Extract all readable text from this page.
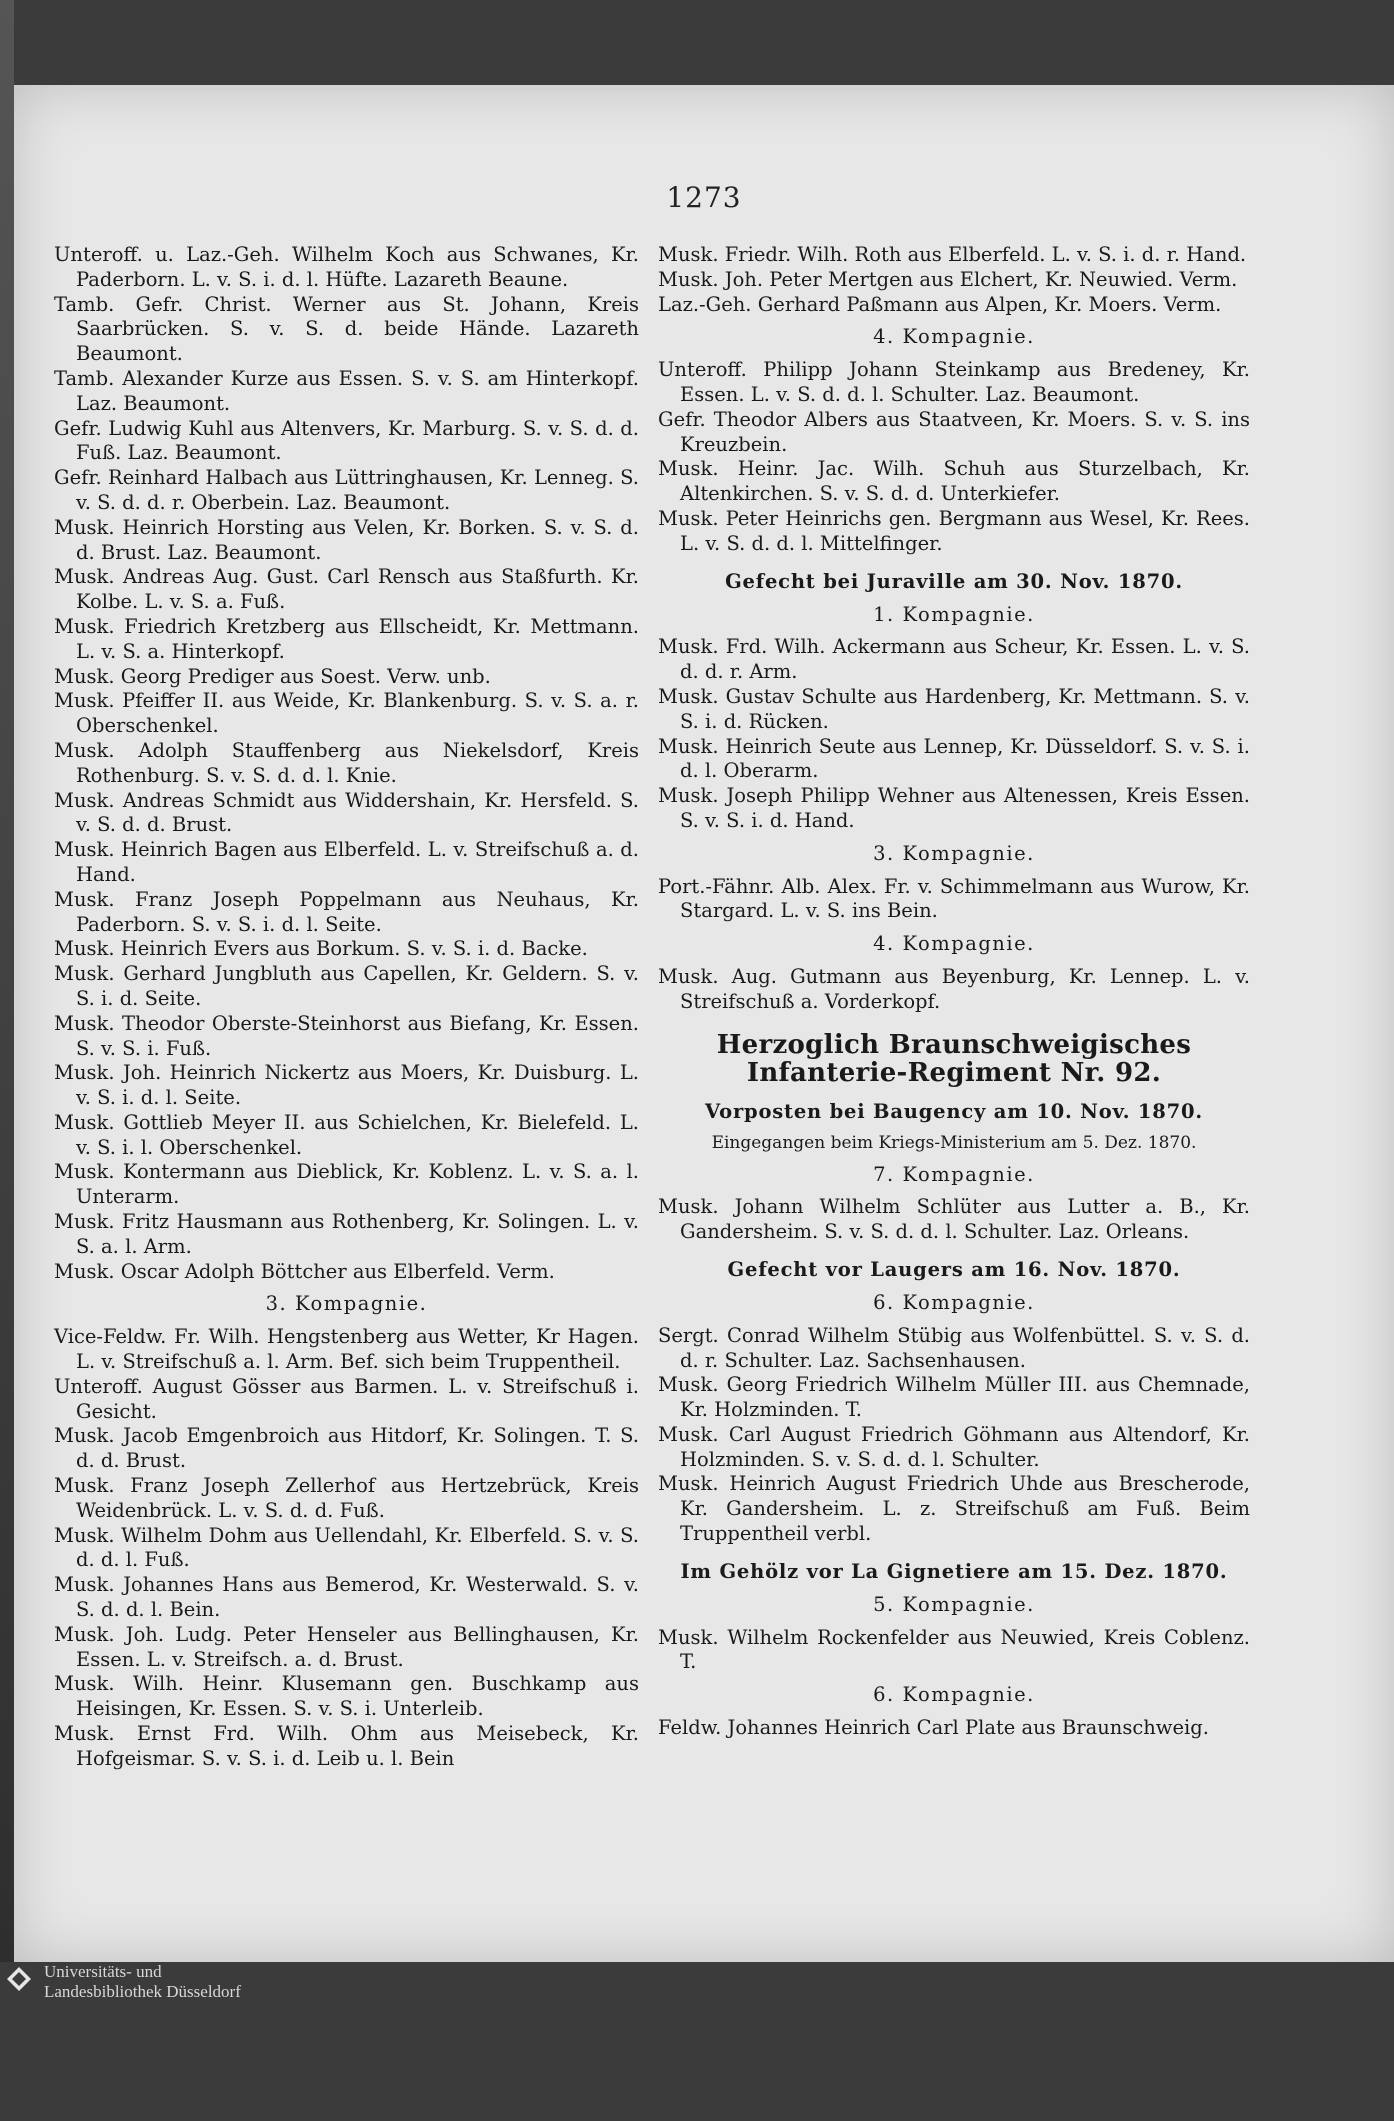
1273
Unteroff. u. Laz.-Geh. Wilhelm Koch aus Schwanes, Kr. Paderborn. L. v. S. i. d. l. Hüfte. Lazareth Beaune.
Tamb. Gefr. Christ. Werner aus St. Johann, Kreis Saarbrücken. S. v. S. d. beide Hände. Lazareth Beaumont.
Tamb. Alexander Kurze aus Essen. S. v. S. am Hinterkopf. Laz. Beaumont.
Gefr. Ludwig Kuhl aus Altenvers, Kr. Marburg. S. v. S. d. d. Fuß. Laz. Beaumont.
Gefr. Reinhard Halbach aus Lüttringhausen, Kr. Lenneg. S. v. S. d. d. r. Oberbein. Laz. Beaumont.
Musk. Heinrich Horsting aus Velen, Kr. Borken. S. v. S. d. d. Brust. Laz. Beaumont.
Musk. Andreas Aug. Gust. Carl Rensch aus Staßfurth. Kr. Kolbe. L. v. S. a. Fuß.
Musk. Friedrich Kretzberg aus Ellscheidt, Kr. Mettmann. L. v. S. a. Hinterkopf.
Musk. Georg Prediger aus Soest. Verw. unb.
Musk. Pfeiffer II. aus Weide, Kr. Blankenburg. S. v. S. a. r. Oberschenkel.
Musk. Adolph Stauffenberg aus Niekelsdorf, Kreis Rothenburg. S. v. S. d. d. l. Knie.
Musk. Andreas Schmidt aus Widdershain, Kr. Hersfeld. S. v. S. d. d. Brust.
Musk. Heinrich Bagen aus Elberfeld. L. v. Streifschuß a. d. Hand.
Musk. Franz Joseph Poppelmann aus Neuhaus, Kr. Paderborn. S. v. S. i. d. l. Seite.
Musk. Heinrich Evers aus Borkum. S. v. S. i. d. Backe.
Musk. Gerhard Jungbluth aus Capellen, Kr. Geldern. S. v. S. i. d. Seite.
Musk. Theodor Oberste-Steinhorst aus Biefang, Kr. Essen. S. v. S. i. Fuß.
Musk. Joh. Heinrich Nickertz aus Moers, Kr. Duisburg. L. v. S. i. d. l. Seite.
Musk. Gottlieb Meyer II. aus Schielchen, Kr. Bielefeld. L. v. S. i. l. Oberschenkel.
Musk. Kontermann aus Dieblick, Kr. Koblenz. L. v. S. a. l. Unterarm.
Musk. Fritz Hausmann aus Rothenberg, Kr. Solingen. L. v. S. a. l. Arm.
Musk. Oscar Adolph Böttcher aus Elberfeld. Verm.
3. Kompagnie.
Vice-Feldw. Fr. Wilh. Hengstenberg aus Wetter, Kr Hagen. L. v. Streifschuß a. l. Arm. Bef. sich beim Truppentheil.
Unteroff. August Gösser aus Barmen. L. v. Streifschuß i. Gesicht.
Musk. Jacob Emgenbroich aus Hitdorf, Kr. Solingen. T. S. d. d. Brust.
Musk. Franz Joseph Zellerhof aus Hertzebrück, Kreis Weidenbrück. L. v. S. d. d. Fuß.
Musk. Wilhelm Dohm aus Uellendahl, Kr. Elberfeld. S. v. S. d. d. l. Fuß.
Musk. Johannes Hans aus Bemerod, Kr. Westerwald. S. v. S. d. d. l. Bein.
Musk. Joh. Ludg. Peter Henseler aus Bellinghausen, Kr. Essen. L. v. Streifsch. a. d. Brust.
Musk. Wilh. Heinr. Klusemann gen. Buschkamp aus Heisingen, Kr. Essen. S. v. S. i. Unterleib.
Musk. Ernst Frd. Wilh. Ohm aus Meisebeck, Kr. Hofgeismar. S. v. S. i. d. Leib u. l. Bein
Musk. Friedr. Wilh. Roth aus Elberfeld. L. v. S. i. d. r. Hand.
Musk. Joh. Peter Mertgen aus Elchert, Kr. Neuwied. Verm.
Laz.-Geh. Gerhard Paßmann aus Alpen, Kr. Moers. Verm.
4. Kompagnie.
Unteroff. Philipp Johann Steinkamp aus Bredeney, Kr. Essen. L. v. S. d. d. l. Schulter. Laz. Beaumont.
Gefr. Theodor Albers aus Staatveen, Kr. Moers. S. v. S. ins Kreuzbein.
Musk. Heinr. Jac. Wilh. Schuh aus Sturzelbach, Kr. Altenkirchen. S. v. S. d. d. Unterkiefer.
Musk. Peter Heinrichs gen. Bergmann aus Wesel, Kr. Rees. L. v. S. d. d. l. Mittelfinger.
Gefecht bei Juraville am 30. Nov. 1870.
1. Kompagnie.
Musk. Frd. Wilh. Ackermann aus Scheur, Kr. Essen. L. v. S. d. d. r. Arm.
Musk. Gustav Schulte aus Hardenberg, Kr. Mettmann. S. v. S. i. d. Rücken.
Musk. Heinrich Seute aus Lennep, Kr. Düsseldorf. S. v. S. i. d. l. Oberarm.
Musk. Joseph Philipp Wehner aus Altenessen, Kreis Essen. S. v. S. i. d. Hand.
3. Kompagnie.
Port.-Fähnr. Alb. Alex. Fr. v. Schimmelmann aus Wurow, Kr. Stargard. L. v. S. ins Bein.
4. Kompagnie.
Musk. Aug. Gutmann aus Beyenburg, Kr. Lennep. L. v. Streifschuß a. Vorderkopf.
Herzoglich Braunschweigisches Infanterie-Regiment Nr. 92.
Vorposten bei Baugency am 10. Nov. 1870.
Eingegangen beim Kriegs-Ministerium am 5. Dez. 1870.
7. Kompagnie.
Musk. Johann Wilhelm Schlüter aus Lutter a. B., Kr. Gandersheim. S. v. S. d. d. l. Schulter. Laz. Orleans.
Gefecht vor Laugers am 16. Nov. 1870.
6. Kompagnie.
Sergt. Conrad Wilhelm Stübig aus Wolfenbüttel. S. v. S. d. d. r. Schulter. Laz. Sachsenhausen.
Musk. Georg Friedrich Wilhelm Müller III. aus Chemnade, Kr. Holzminden. T.
Musk. Carl August Friedrich Göhmann aus Altendorf, Kr. Holzminden. S. v. S. d. d. l. Schulter.
Musk. Heinrich August Friedrich Uhde aus Brescherode, Kr. Gandersheim. L. z. Streifschuß am Fuß. Beim Truppentheil verbl.
Im Gehölz vor La Gignetiere am 15. Dez. 1870.
5. Kompagnie.
Musk. Wilhelm Rockenfelder aus Neuwied, Kreis Coblenz. T.
6. Kompagnie.
Feldw. Johannes Heinrich Carl Plate aus Braunschweig.
Universitäts- und
Landesbibliothek Düsseldorf
